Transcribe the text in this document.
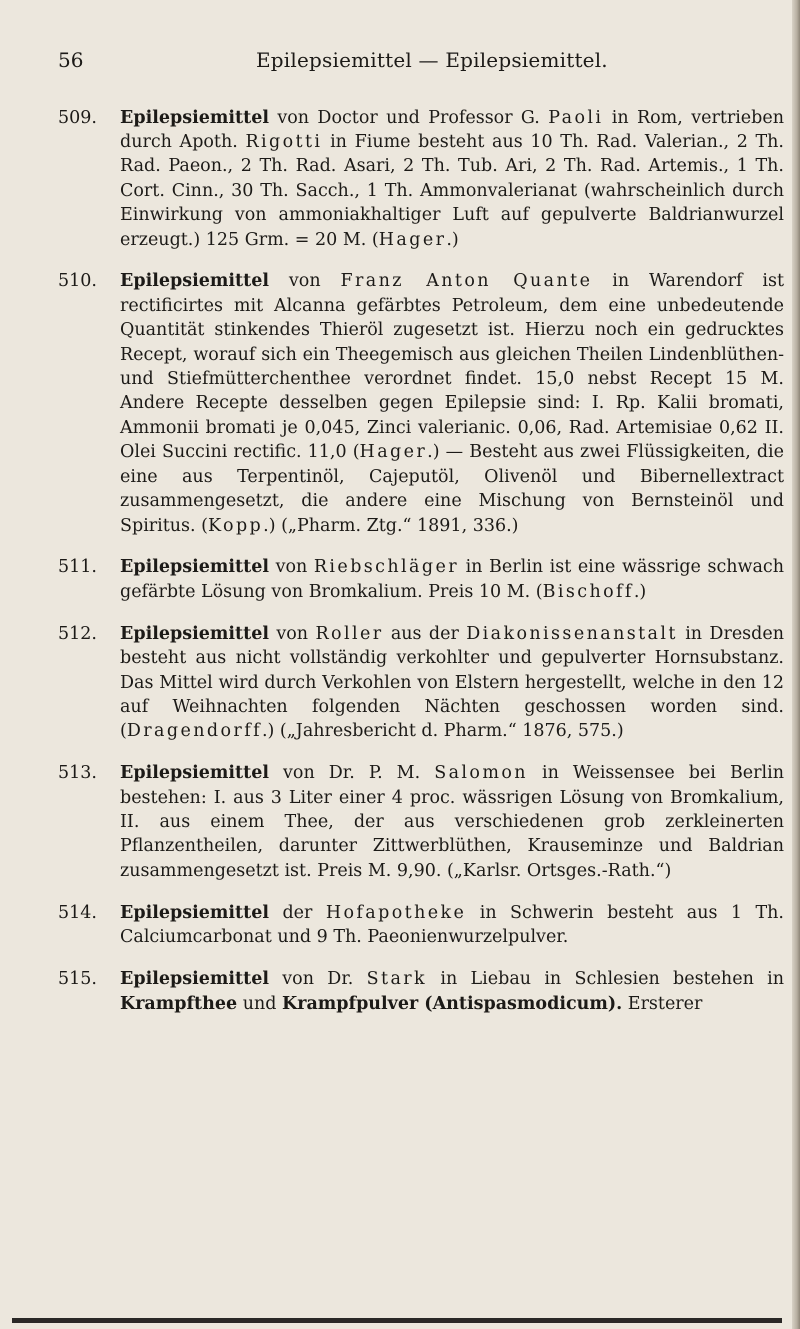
56	Epilepsiemittel — Epilepsiemittel.

509.	Epilepsiemittel von Doctor und Professor G. Paoli in Rom, vertrieben durch Apoth. Rigotti in Fiume besteht aus 10 Th. Rad. Valerian., 2 Th. Rad. Paeon., 2 Th. Rad. Asari, 2 Th. Tub. Ari, 2 Th. Rad. Artemis., 1 Th. Cort. Cinn., 30 Th. Sacch., 1 Th. Ammonvalerianat (wahrscheinlich durch Einwirkung von ammoniakhaltiger Luft auf gepulverte Baldrianwurzel erzeugt.) 125 Grm. = 20 M. (Hager.)

510.	Epilepsiemittel von Franz Anton Quante in Warendorf ist rectificirtes mit Alcanna gefärbtes Petroleum, dem eine unbedeutende Quantität stinkendes Thieröl zugesetzt ist. Hierzu noch ein gedrucktes Recept, worauf sich ein Theegemisch aus gleichen Theilen Lindenblüthen- und Stiefmütterchenthee verordnet findet. 15,0 nebst Recept 15 M. Andere Recepte desselben gegen Epilepsie sind: I. Rp. Kalii bromati, Ammonii bromati je 0,045, Zinci valerianic. 0,06, Rad. Artemisiae 0,62 II. Olei Succini rectific. 11,0 (Hager.) — Besteht aus zwei Flüssigkeiten, die eine aus Terpentinöl, Cajeputöl, Olivenöl und Bibernellextract zusammengesetzt, die andere eine Mischung von Bernsteinöl und Spiritus. (Kopp.) („Pharm. Ztg.“ 1891, 336.)

511.	Epilepsiemittel von Riebschläger in Berlin ist eine wässrige schwach gefärbte Lösung von Bromkalium. Preis 10 M. (Bischoff.)

512.	Epilepsiemittel von Roller aus der Diakonissenanstalt in Dresden besteht aus nicht vollständig verkohlter und gepulverter Hornsubstanz. Das Mittel wird durch Verkohlen von Elstern hergestellt, welche in den 12 auf Weihnachten folgenden Nächten geschossen worden sind. (Dragendorff.) („Jahresbericht d. Pharm.“ 1876, 575.)

513.	Epilepsiemittel von Dr. P. M. Salomon in Weissensee bei Berlin bestehen: I. aus 3 Liter einer 4 proc. wässrigen Lösung von Bromkalium, II. aus einem Thee, der aus verschiedenen grob zerkleinerten Pflanzentheilen, darunter Zittwerblüthen, Krauseminze und Baldrian zusammengesetzt ist. Preis M. 9,90. („Karlsr. Ortsges.-Rath.“)

514.	Epilepsiemittel der Hofapotheke in Schwerin besteht aus 1 Th. Calciumcarbonat und 9 Th. Paeonienwurzelpulver.

515.	Epilepsiemittel von Dr. Stark in Liebau in Schlesien bestehen in Krampfthee und Krampfpulver (Antispasmodicum). Ersterer
